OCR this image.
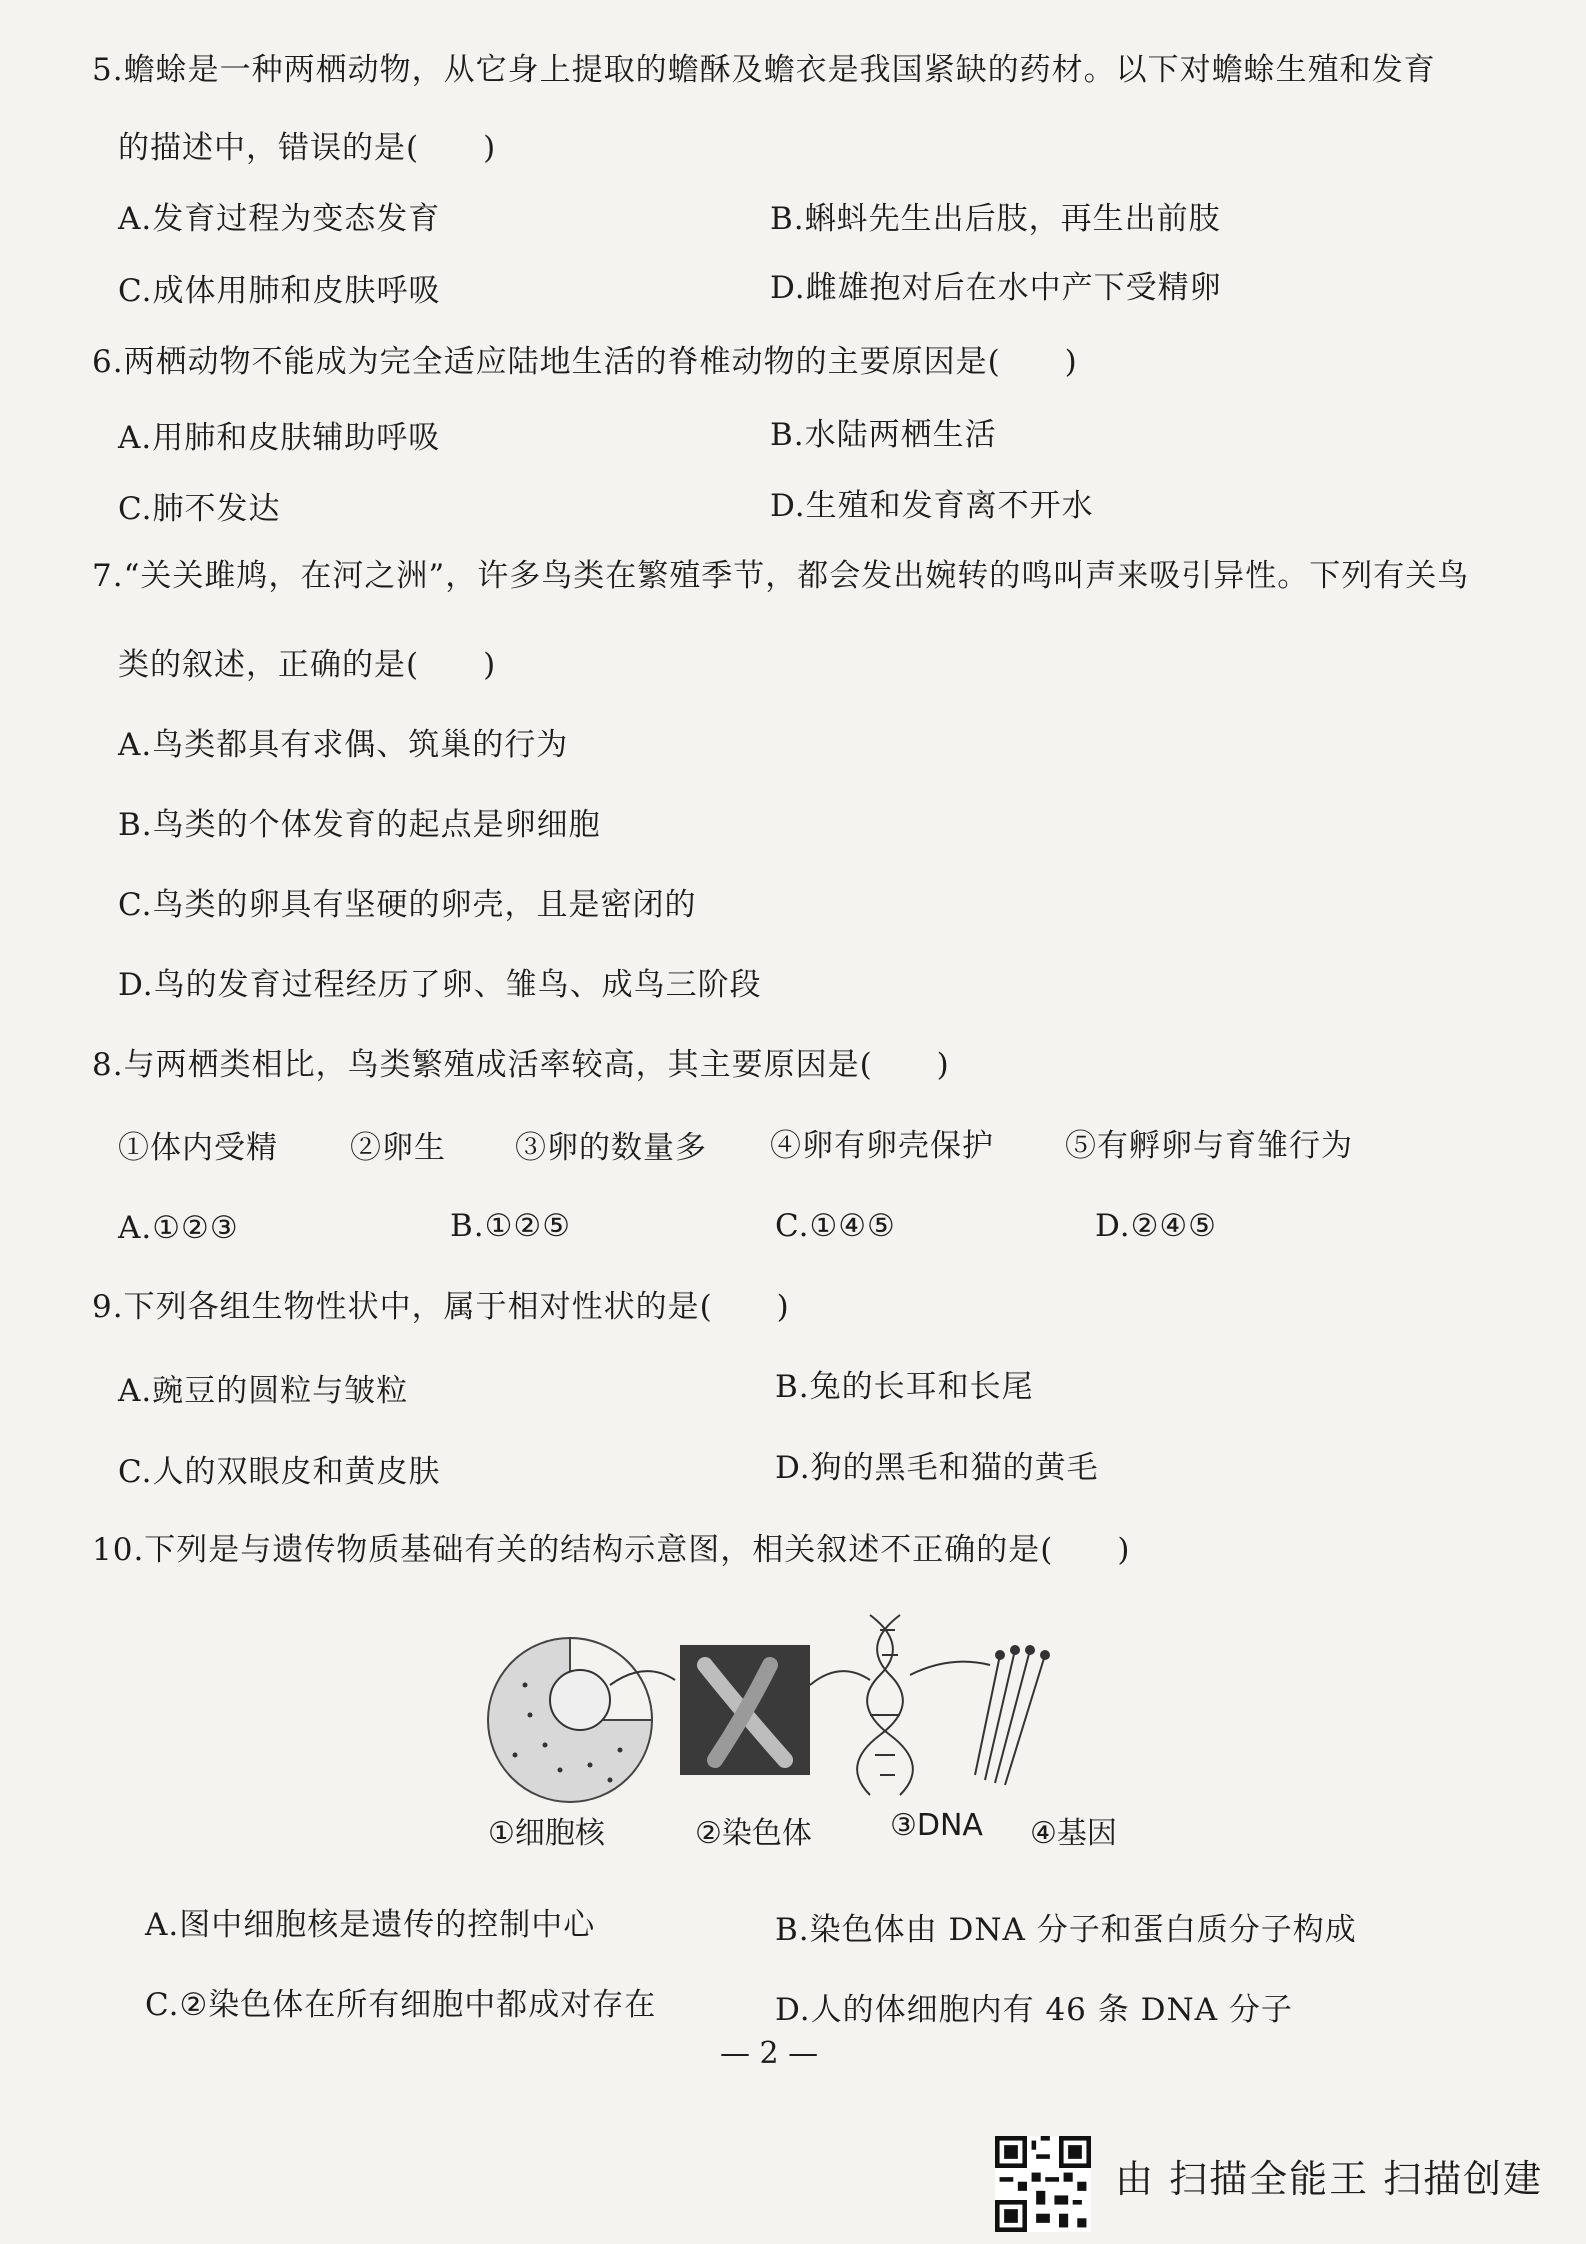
5.蟾蜍是一种两栖动物，从它身上提取的蟾酥及蟾衣是我国紧缺的药材。以下对蟾蜍生殖和发育
的描述中，错误的是(　　)
A.发育过程为变态发育	B.蝌蚪先生出后肢，再生出前肢
C.成体用肺和皮肤呼吸	D.雌雄抱对后在水中产下受精卵
6.两栖动物不能成为完全适应陆地生活的脊椎动物的主要原因是(　　)
A.用肺和皮肤辅助呼吸	B.水陆两栖生活
C.肺不发达	D.生殖和发育离不开水
7.“关关雎鸠，在河之洲”，许多鸟类在繁殖季节，都会发出婉转的鸣叫声来吸引异性。下列有关鸟
类的叙述，正确的是(　　)
A.鸟类都具有求偶、筑巢的行为
B.鸟类的个体发育的起点是卵细胞
C.鸟类的卵具有坚硬的卵壳，且是密闭的
D.鸟的发育过程经历了卵、雏鸟、成鸟三阶段
8.与两栖类相比，鸟类繁殖成活率较高，其主要原因是(　　)
①体内受精 ②卵生 ③卵的数量多 ④卵有卵壳保护 ⑤有孵卵与育雏行为
A.①②③	B.①②⑤	C.①④⑤	D.②④⑤
9.下列各组生物性状中，属于相对性状的是(　　)
A.豌豆的圆粒与皱粒	B.兔的长耳和长尾
C.人的双眼皮和黄皮肤	D.狗的黑毛和猫的黄毛
10.下列是与遗传物质基础有关的结构示意图，相关叙述不正确的是(　　)
①细胞核	②染色体	③DNA ④基因
A.图中细胞核是遗传的控制中心	B.染色体由 DNA 分子和蛋白质分子构成
C.②染色体在所有细胞中都成对存在	D.人的体细胞内有 46 条 DNA 分子
— 2 —
由 扫描全能王 扫描创建
